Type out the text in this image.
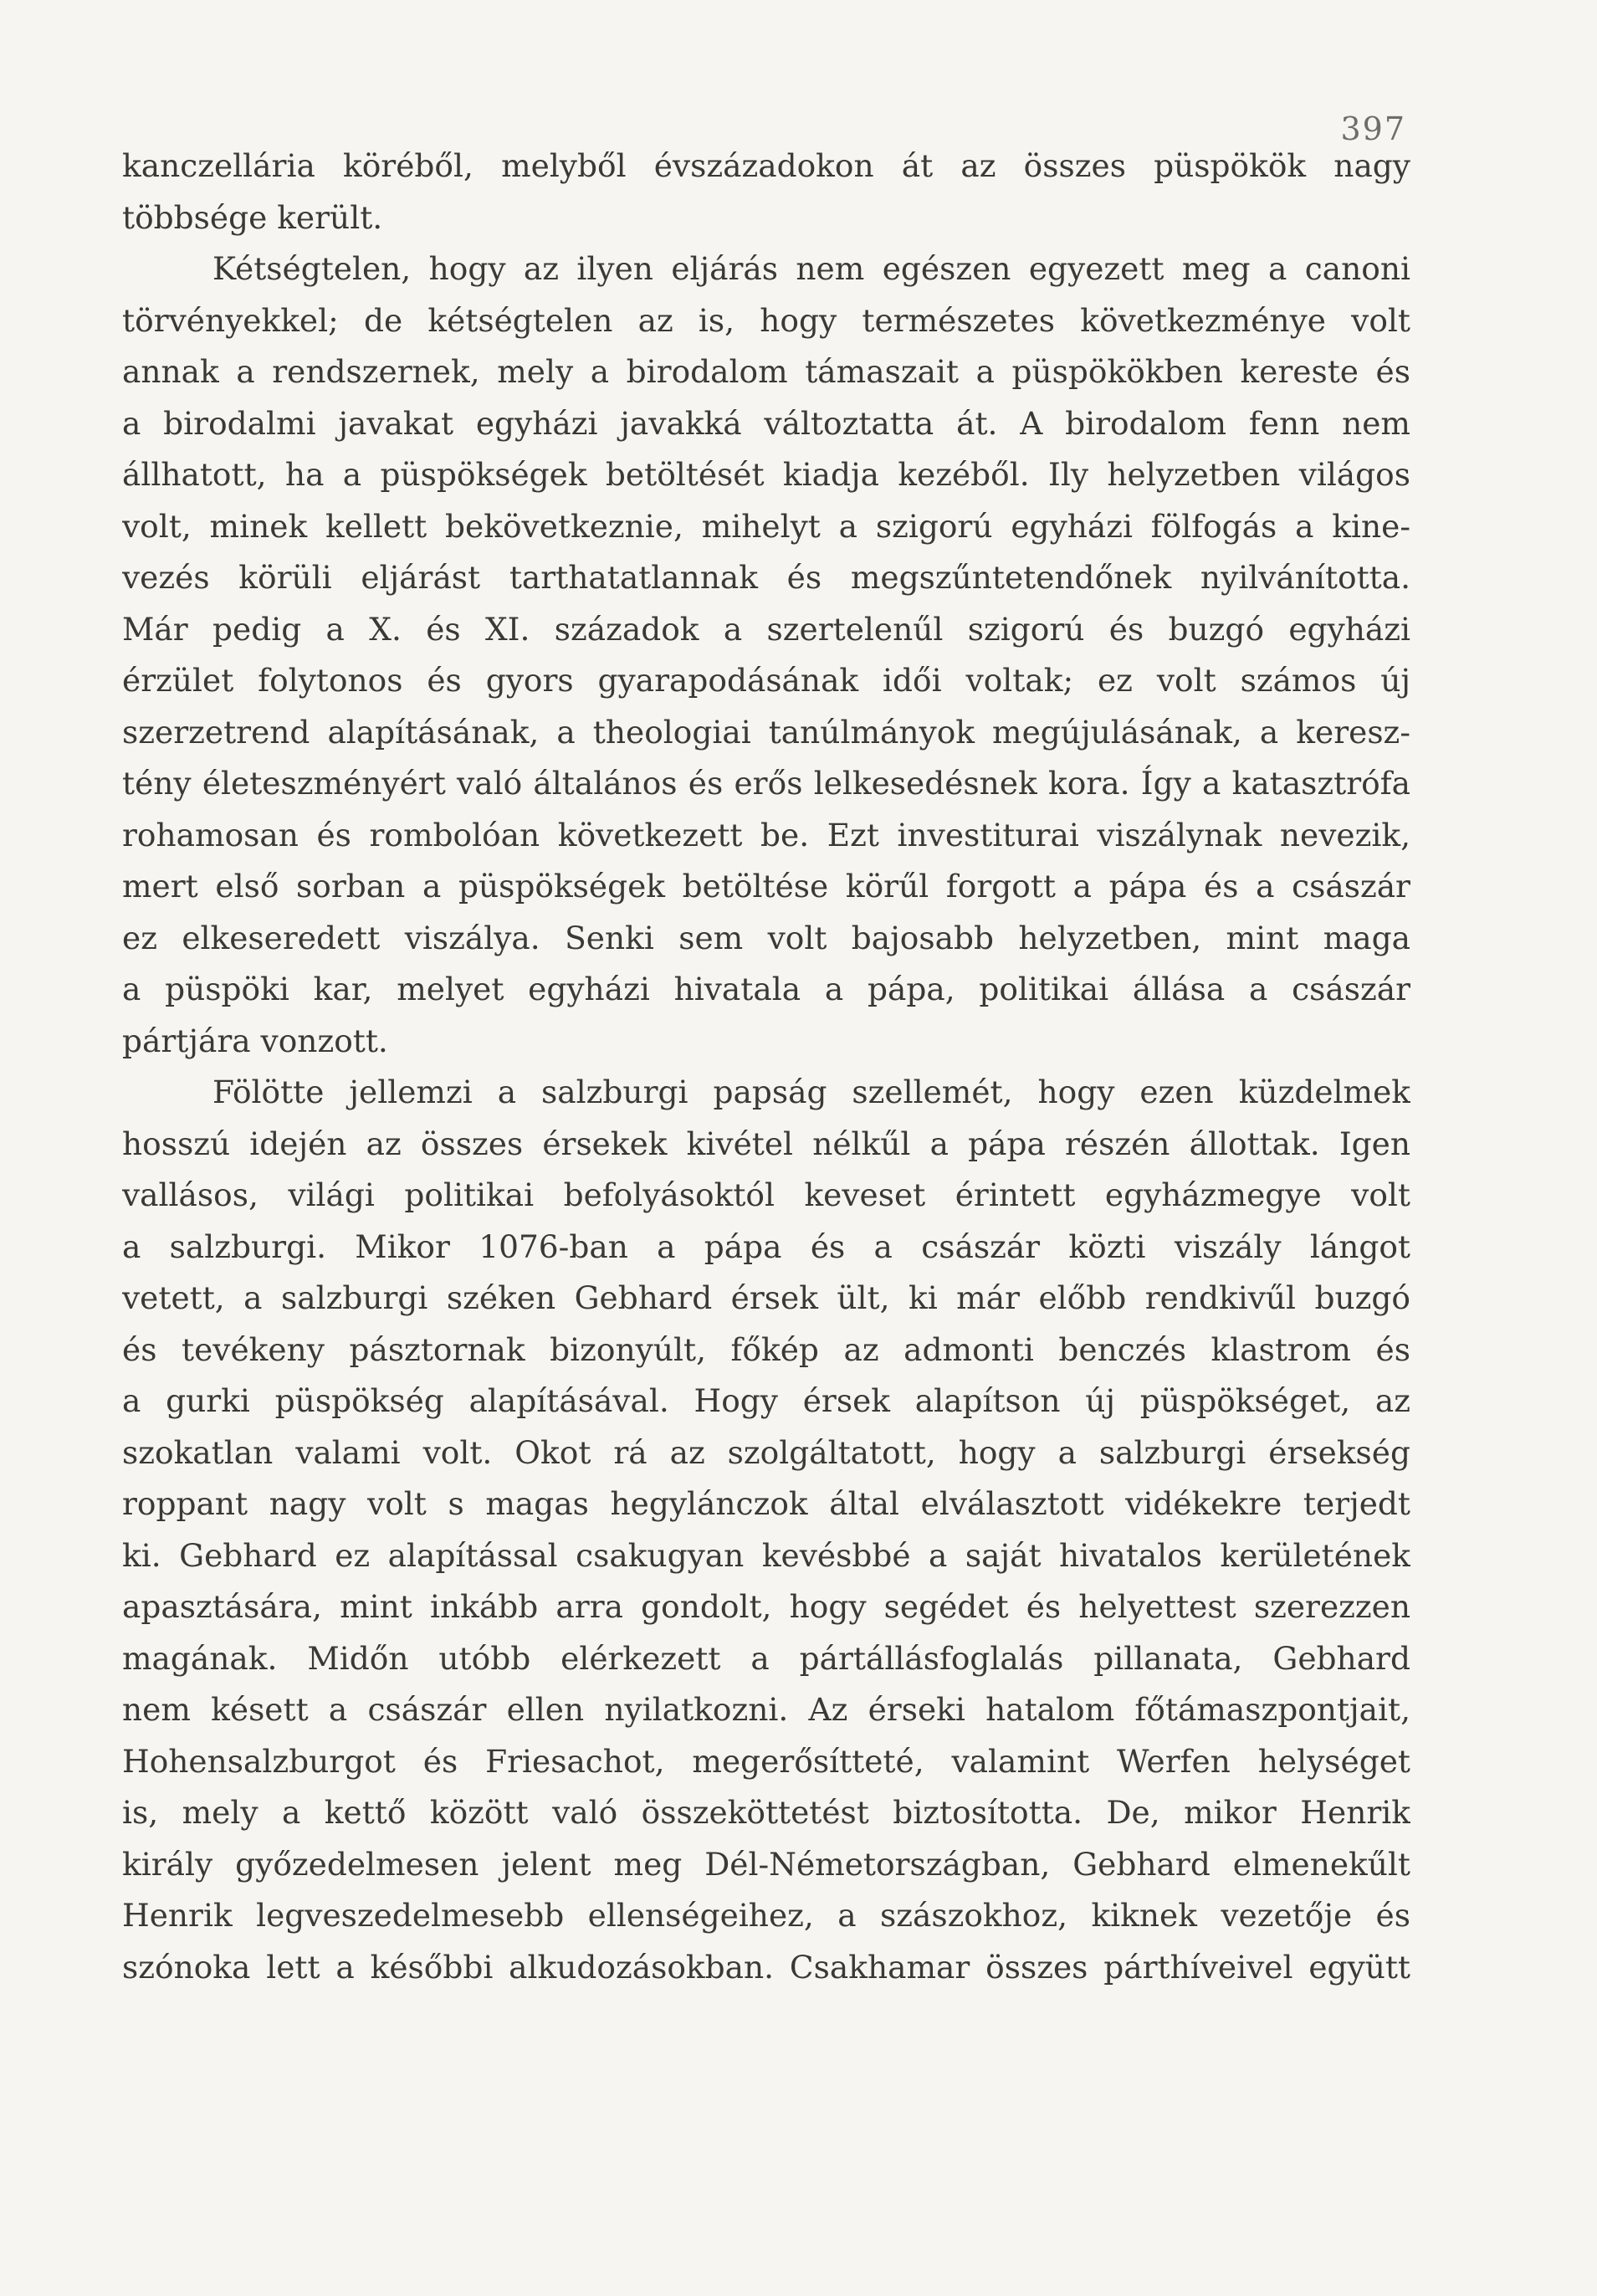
397
kanczellária köréből, melyből évszázadokon át az összes püspökök nagy
többsége került.
Kétségtelen, hogy az ilyen eljárás nem egészen egyezett meg a canoni
törvényekkel; de kétségtelen az is, hogy természetes következménye volt
annak a rendszernek, mely a birodalom támaszait a püspökökben kereste és
a birodalmi javakat egyházi javakká változtatta át. A birodalom fenn nem
állhatott, ha a püspökségek betöltését kiadja kezéből. Ily helyzetben világos
volt, minek kellett bekövetkeznie, mihelyt a szigorú egyházi fölfogás a kine-
vezés körüli eljárást tarthatatlannak és megszűntetendőnek nyilvánította.
Már pedig a X. és XI. századok a szertelenűl szigorú és buzgó egyházi
érzület folytonos és gyors gyarapodásának idői voltak; ez volt számos új
szerzetrend alapításának, a theologiai tanúlmányok megújulásának, a keresz-
tény életeszményért való általános és erős lelkesedésnek kora. Így a katasztrófa
rohamosan és rombolóan következett be. Ezt investiturai viszálynak nevezik,
mert első sorban a püspökségek betöltése körűl forgott a pápa és a császár
ez elkeseredett viszálya. Senki sem volt bajosabb helyzetben, mint maga
a püspöki kar, melyet egyházi hivatala a pápa, politikai állása a császár
pártjára vonzott.
Fölötte jellemzi a salzburgi papság szellemét, hogy ezen küzdelmek
hosszú idején az összes érsekek kivétel nélkűl a pápa részén állottak. Igen
vallásos, világi politikai befolyásoktól keveset érintett egyházmegye volt
a salzburgi. Mikor 1076-ban a pápa és a császár közti viszály lángot
vetett, a salzburgi széken Gebhard érsek ült, ki már előbb rendkivűl buzgó
és tevékeny pásztornak bizonyúlt, főkép az admonti benczés klastrom és
a gurki püspökség alapításával. Hogy érsek alapítson új püspökséget, az
szokatlan valami volt. Okot rá az szolgáltatott, hogy a salzburgi érsekség
roppant nagy volt s magas hegylánczok által elválasztott vidékekre terjedt
ki. Gebhard ez alapítással csakugyan kevésbbé a saját hivatalos kerületének
apasztására, mint inkább arra gondolt, hogy segédet és helyettest szerezzen
magának. Midőn utóbb elérkezett a pártállásfoglalás pillanata, Gebhard
nem késett a császár ellen nyilatkozni. Az érseki hatalom főtámaszpontjait,
Hohensalzburgot és Friesachot, megerősítteté, valamint Werfen helységet
is, mely a kettő között való összeköttetést biztosította. De, mikor Henrik
király győzedelmesen jelent meg Dél-Németországban, Gebhard elmenekűlt
Henrik legveszedelmesebb ellenségeihez, a szászokhoz, kiknek vezetője és
szónoka lett a későbbi alkudozásokban. Csakhamar összes párthíveivel együtt
